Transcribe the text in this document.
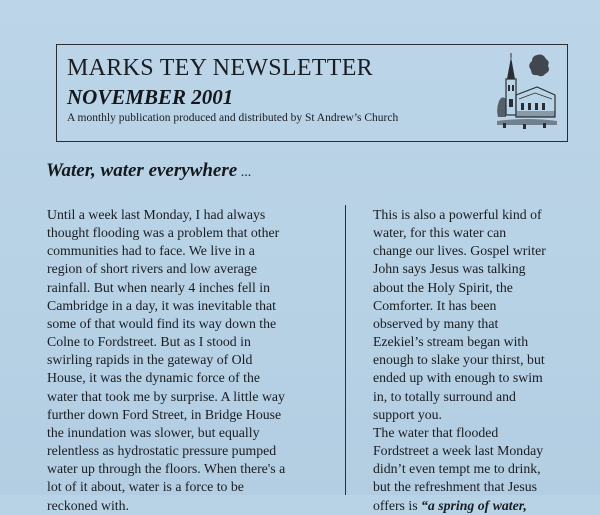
MARKS TEY NEWSLETTER
NOVEMBER 2001
A monthly publication produced and distributed by St Andrew’s Church
Water, water everywhere ...
Until a week last Monday, I had always
thought flooding was a problem that other
communities had to face. We live in a
region of short rivers and low average
rainfall. But when nearly 4 inches fell in
Cambridge in a day, it was inevitable that
some of that would find its way down the
Colne to Fordstreet. But as I stood in
swirling rapids in the gateway of Old
House, it was the dynamic force of the
water that took me by surprise. A little way
further down Ford Street, in Bridge House
the inundation was slower, but equally
relentless as hydrostatic pressure pumped
water up through the floors. When there's a
lot of it about, water is a force to be
reckoned with.
This is also a powerful kind of
water, for this water can
change our lives. Gospel writer
John says Jesus was talking
about the Holy Spirit, the
Comforter. It has been
observed by many that
Ezekiel’s stream began with
enough to slake your thirst, but
ended up with enough to swim
in, to totally surround and
support you.
The water that flooded
Fordstreet a week last Monday
didn’t even tempt me to drink,
but the refreshment that Jesus
offers is “a spring of water,
